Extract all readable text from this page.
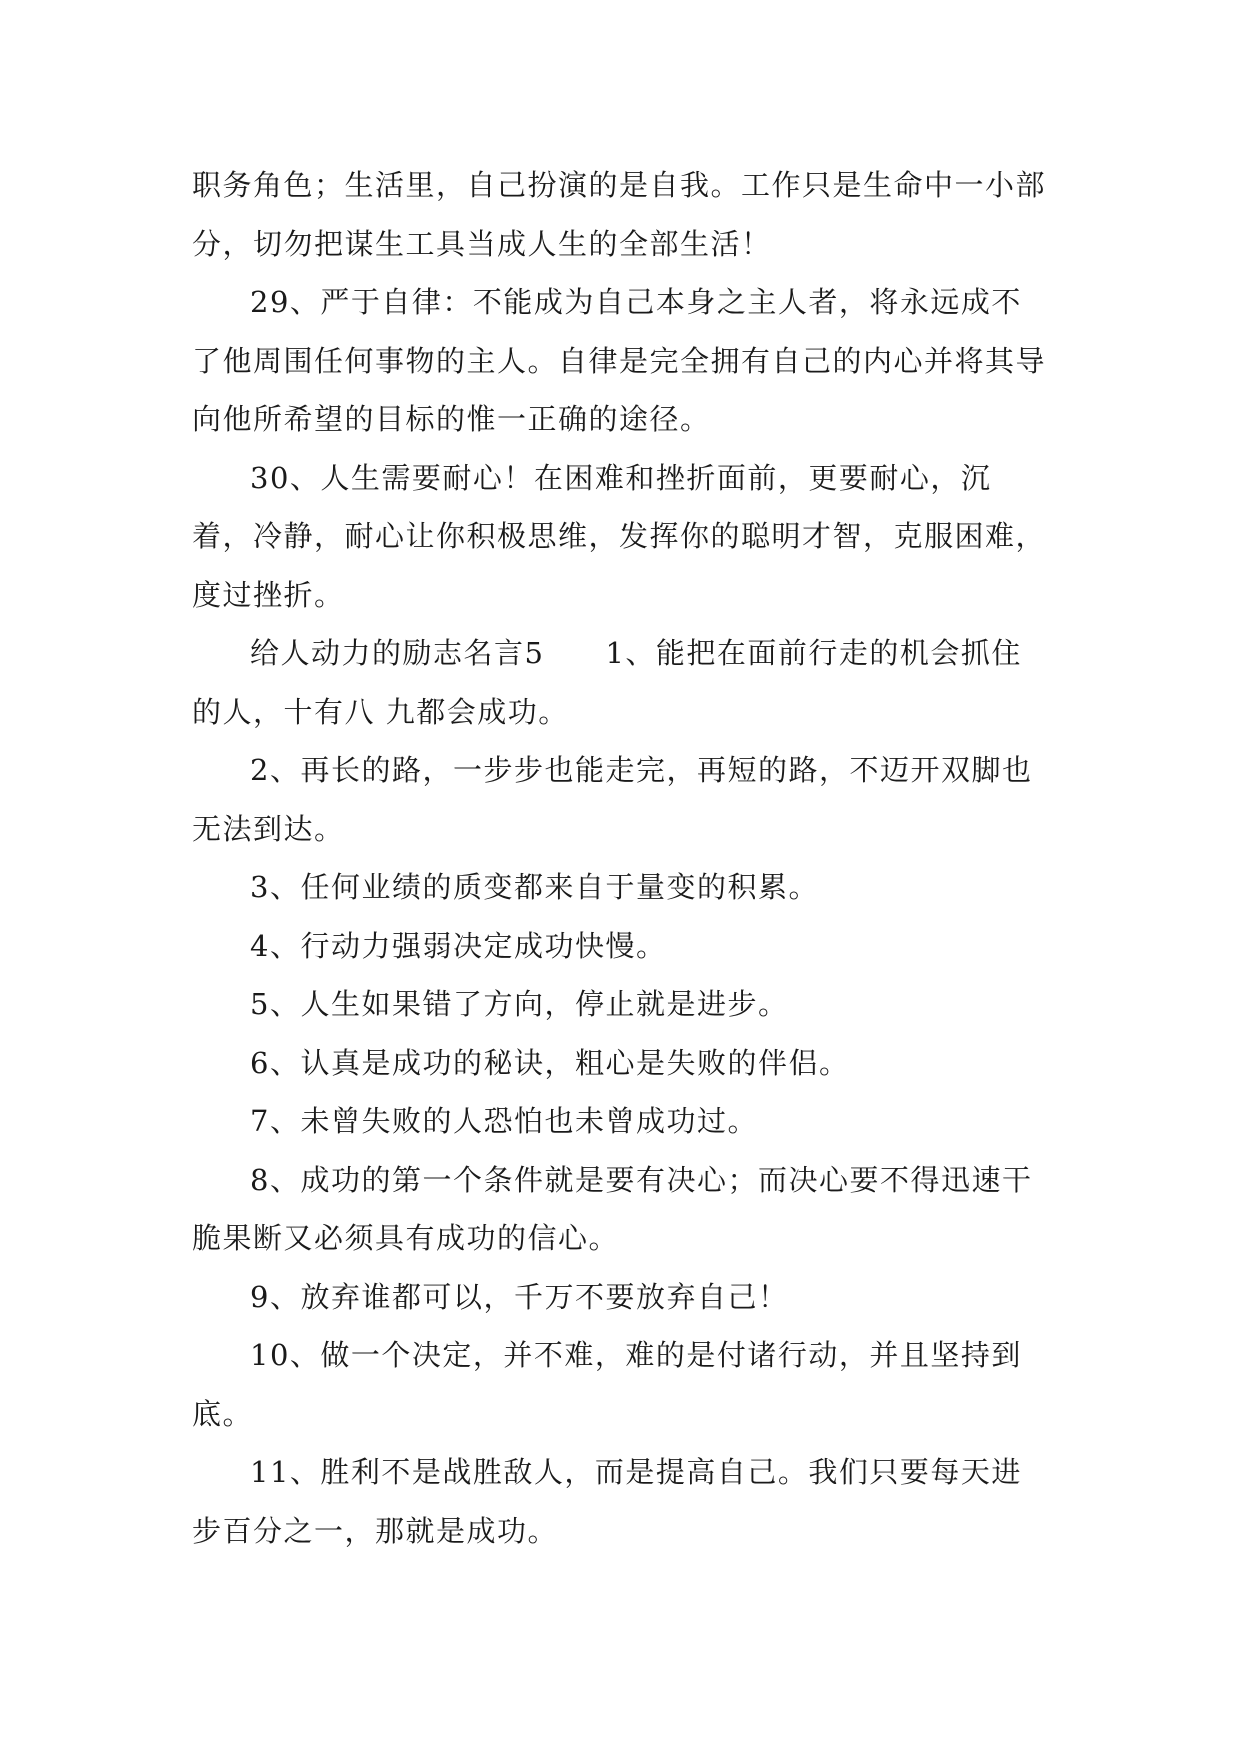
职务角色；生活里，自己扮演的是自我。工作只是生命中一小部分，切勿把谋生工具当成人生的全部生活！

29、严于自律：不能成为自己本身之主人者，将永远成不了他周围任何事物的主人。自律是完全拥有自己的内心并将其导向他所希望的目标的惟一正确的途径。

30、人生需要耐心！在困难和挫折面前，更要耐心，沉着，冷静，耐心让你积极思维，发挥你的聪明才智，克服困难，度过挫折。

给人动力的励志名言5　　1、能把在面前行走的机会抓住的人，十有八 九都会成功。

2、再长的路，一步步也能走完，再短的路，不迈开双脚也无法到达。

3、任何业绩的质变都来自于量变的积累。

4、行动力强弱决定成功快慢。

5、人生如果错了方向，停止就是进步。

6、认真是成功的秘诀，粗心是失败的伴侣。

7、未曾失败的人恐怕也未曾成功过。

8、成功的第一个条件就是要有决心；而决心要不得迅速干脆果断又必须具有成功的信心。

9、放弃谁都可以，千万不要放弃自己！

10、做一个决定，并不难，难的是付诸行动，并且坚持到底。

11、胜利不是战胜敌人，而是提高自己。我们只要每天进步百分之一，那就是成功。
